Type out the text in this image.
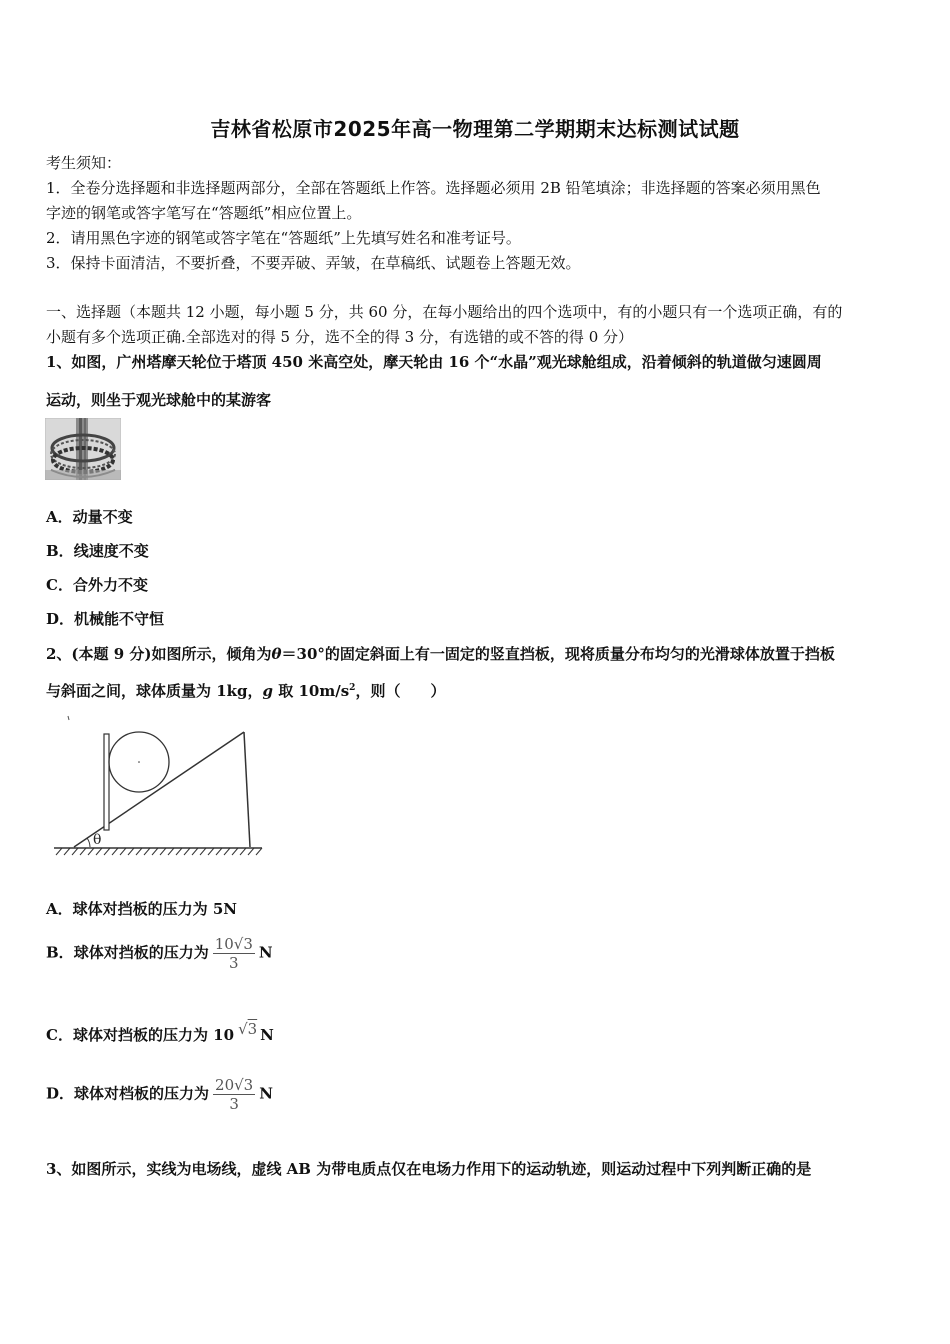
吉林省松原市2025年高一物理第二学期期末达标测试试题
考生须知：
1．全卷分选择题和非选择题两部分，全部在答题纸上作答。选择题必须用 2B 铅笔填涂；非选择题的答案必须用黑色
字迹的钢笔或答字笔写在“答题纸”相应位置上。
2．请用黑色字迹的钢笔或答字笔在“答题纸”上先填写姓名和准考证号。
3．保持卡面清洁，不要折叠，不要弄破、弄皱，在草稿纸、试题卷上答题无效。
一、选择题（本题共 12 小题，每小题 5 分，共 60 分，在每小题给出的四个选项中，有的小题只有一个选项正确，有的
小题有多个选项正确.全部选对的得 5 分，选不全的得 3 分，有选错的或不答的得 0 分）
1、如图，广州塔摩天轮位于塔顶 450 米高空处，摩天轮由 16 个“水晶”观光球舱组成，沿着倾斜的轨道做匀速圆周
运动，则坐于观光球舱中的某游客
A．动量不变
B．线速度不变
C．合外力不变
D．机械能不守恒
2、(本题 9 分)如图所示，倾角为θ＝30°的固定斜面上有一固定的竖直挡板，现将质量分布均匀的光滑球体放置于挡板
与斜面之间，球体质量为 1kg，g 取 $10m/s^2$，则（　　）
θ
A．球体对挡板的压力为 5N
B．球体对挡板的压力为 $\frac{10√3}{3}$ N
C．球体对挡板的压力为 10 √3 N
D．球体对档板的压力为 $\frac{20√3}{3}$ N
3、如图所示，实线为电场线，虚线 AB 为带电质点仅在电场力作用下的运动轨迹，则运动过程中下列判断正确的是
